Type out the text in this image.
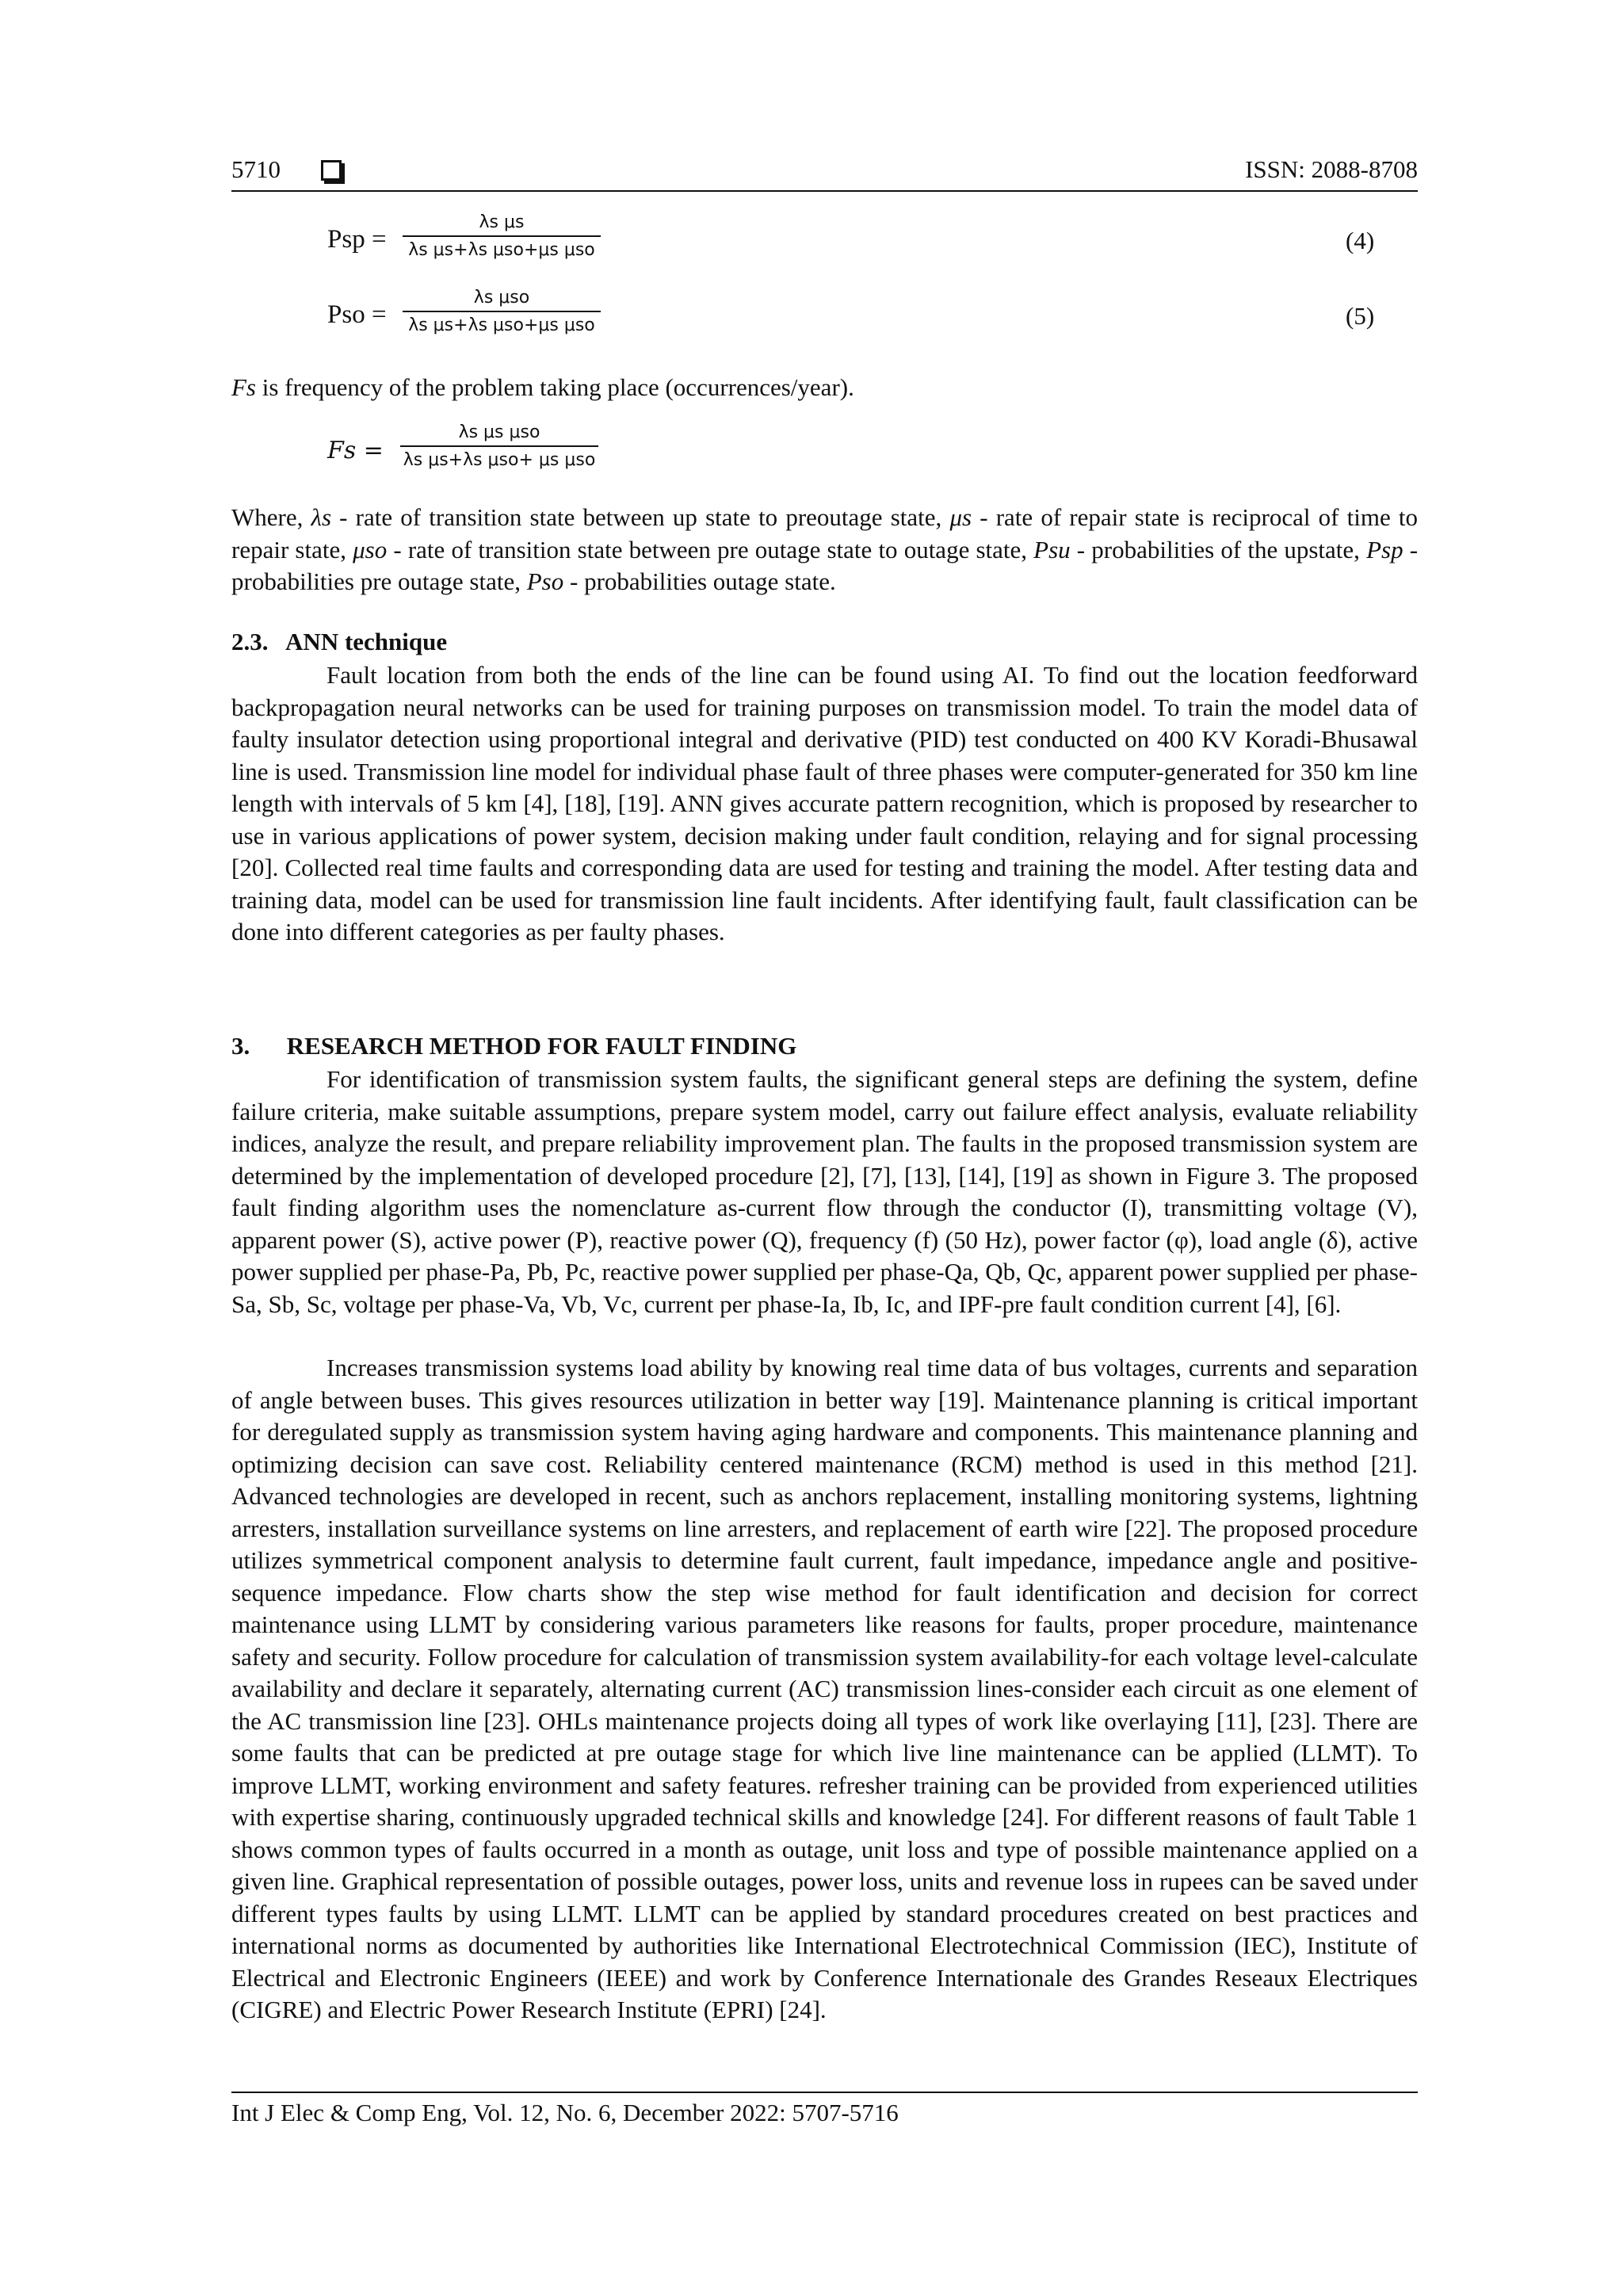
5710	ISSN: 2088-8708
Psp =
λs μs
λs μs+λs μso+μs μso	(4)
Pso =
λs μso
λs μs+λs μso+μs μso	(5)
Fs is frequency of the problem taking place (occurrences/year).
Fs =
λs μs μso
λs μs+λs μso+ μs μso
Where, λs - rate of transition state between up state to preoutage state, μs - rate of repair state is reciprocal of time to repair state, μso - rate of transition state between pre outage state to outage state, Psu - probabilities of the upstate, Psp - probabilities pre outage state, Pso - probabilities outage state.
2.3.   ANN technique
Fault location from both the ends of the line can be found using AI. To find out the location feedforward backpropagation neural networks can be used for training purposes on transmission model. To train the model data of faulty insulator detection using proportional integral and derivative (PID) test conducted on 400 KV Koradi-Bhusawal line is used. Transmission line model for individual phase fault of three phases were computer-generated for 350 km line length with intervals of 5 km [4], [18], [19]. ANN gives accurate pattern recognition, which is proposed by researcher to use in various applications of power system, decision making under fault condition, relaying and for signal processing [20]. Collected real time faults and corresponding data are used for testing and training the model. After testing data and training data, model can be used for transmission line fault incidents. After identifying fault, fault classification can be done into different categories as per faulty phases.
3.      RESEARCH METHOD FOR FAULT FINDING
For identification of transmission system faults, the significant general steps are defining the system, define failure criteria, make suitable assumptions, prepare system model, carry out failure effect analysis, evaluate reliability indices, analyze the result, and prepare reliability improvement plan. The faults in the proposed transmission system are determined by the implementation of developed procedure [2], [7], [13], [14], [19] as shown in Figure 3. The proposed fault finding algorithm uses the nomenclature as-current flow through the conductor (I), transmitting voltage (V), apparent power (S), active power (P), reactive power (Q), frequency (f) (50 Hz), power factor (φ), load angle (δ), active power supplied per phase-Pa, Pb, Pc, reactive power supplied per phase-Qa, Qb, Qc, apparent power supplied per phase-Sa, Sb, Sc, voltage per phase-Va, Vb, Vc, current per phase-Ia, Ib, Ic, and IPF-pre fault condition current [4], [6].
Increases transmission systems load ability by knowing real time data of bus voltages, currents and separation of angle between buses. This gives resources utilization in better way [19]. Maintenance planning is critical important for deregulated supply as transmission system having aging hardware and components. This maintenance planning and optimizing decision can save cost. Reliability centered maintenance (RCM) method is used in this method [21]. Advanced technologies are developed in recent, such as anchors replacement, installing monitoring systems, lightning arresters, installation surveillance systems on line arresters, and replacement of earth wire [22]. The proposed procedure utilizes symmetrical component analysis to determine fault current, fault impedance, impedance angle and positive-sequence impedance. Flow charts show the step wise method for fault identification and decision for correct maintenance using LLMT by considering various parameters like reasons for faults, proper procedure, maintenance safety and security. Follow procedure for calculation of transmission system availability-for each voltage level-calculate availability and declare it separately, alternating current (AC) transmission lines-consider each circuit as one element of the AC transmission line [23]. OHLs maintenance projects doing all types of work like overlaying [11], [23]. There are some faults that can be predicted at pre outage stage for which live line maintenance can be applied (LLMT). To improve LLMT, working environment and safety features. refresher training can be provided from experienced utilities with expertise sharing, continuously upgraded technical skills and knowledge [24]. For different reasons of fault Table 1 shows common types of faults occurred in a month as outage, unit loss and type of possible maintenance applied on a given line. Graphical representation of possible outages, power loss, units and revenue loss in rupees can be saved under different types faults by using LLMT. LLMT can be applied by standard procedures created on best practices and international norms as documented by authorities like International Electrotechnical Commission (IEC), Institute of Electrical and Electronic Engineers (IEEE) and work by Conference Internationale des Grandes Reseaux Electriques (CIGRE) and Electric Power Research Institute (EPRI) [24].
Int J Elec & Comp Eng, Vol. 12, No. 6, December 2022: 5707-5716
